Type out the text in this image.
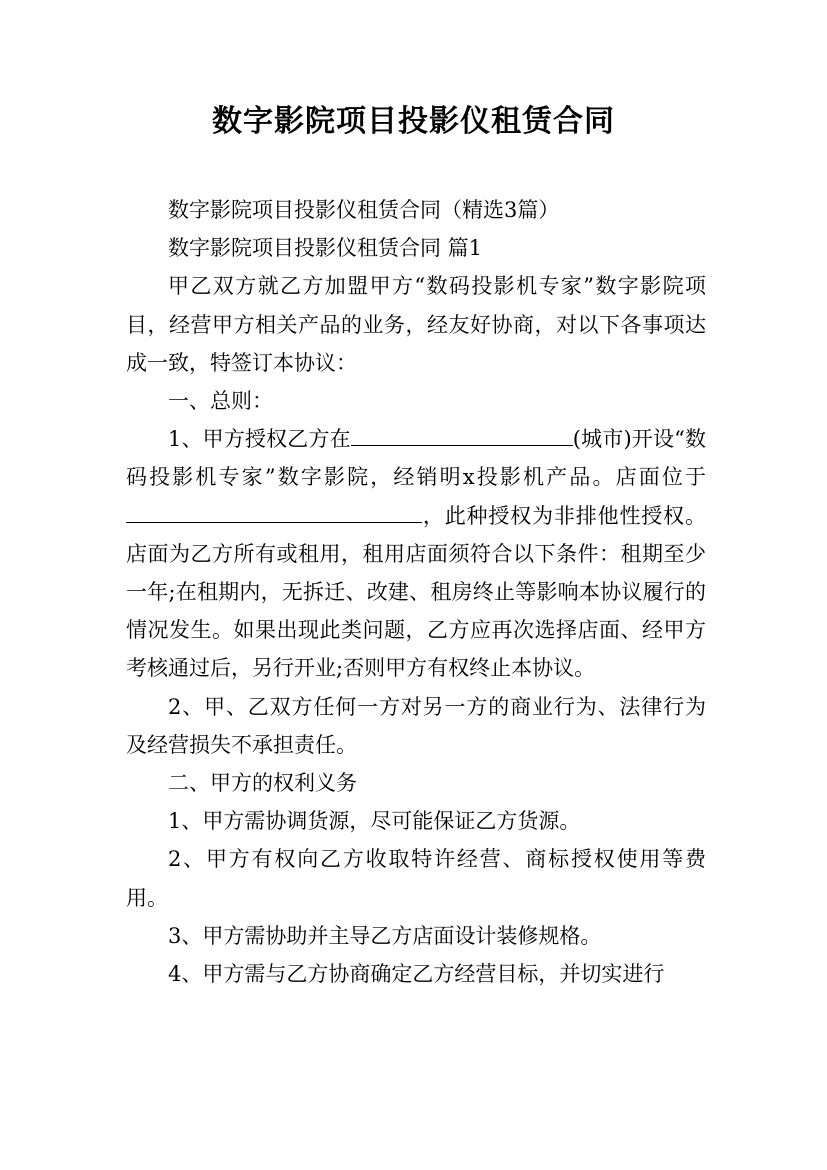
数字影院项目投影仪租赁合同

数字影院项目投影仪租赁合同（精选3篇）

数字影院项目投影仪租赁合同 篇1

甲乙双方就乙方加盟甲方“数码投影机专家”数字影院项目，经营甲方相关产品的业务，经友好协商，对以下各事项达成一致，特签订本协议：

一、总则：

1、甲方授权乙方在	(城市)开设“数码投影机专家”数字影院，经销明x投影机产品。店面位于，此种授权为非排他性授权。店面为乙方所有或租用，租用店面须符合以下条件：租期至少一年;在租期内，无拆迁、改建、租房终止等影响本协议履行的情况发生。如果出现此类问题，乙方应再次选择店面、经甲方考核通过后，另行开业;否则甲方有权终止本协议。

2、甲、乙双方任何一方对另一方的商业行为、法律行为及经营损失不承担责任。

二、甲方的权利义务

1、甲方需协调货源，尽可能保证乙方货源。

2、甲方有权向乙方收取特许经营、商标授权使用等费用。

3、甲方需协助并主导乙方店面设计装修规格。

4、甲方需与乙方协商确定乙方经营目标，并切实进行
